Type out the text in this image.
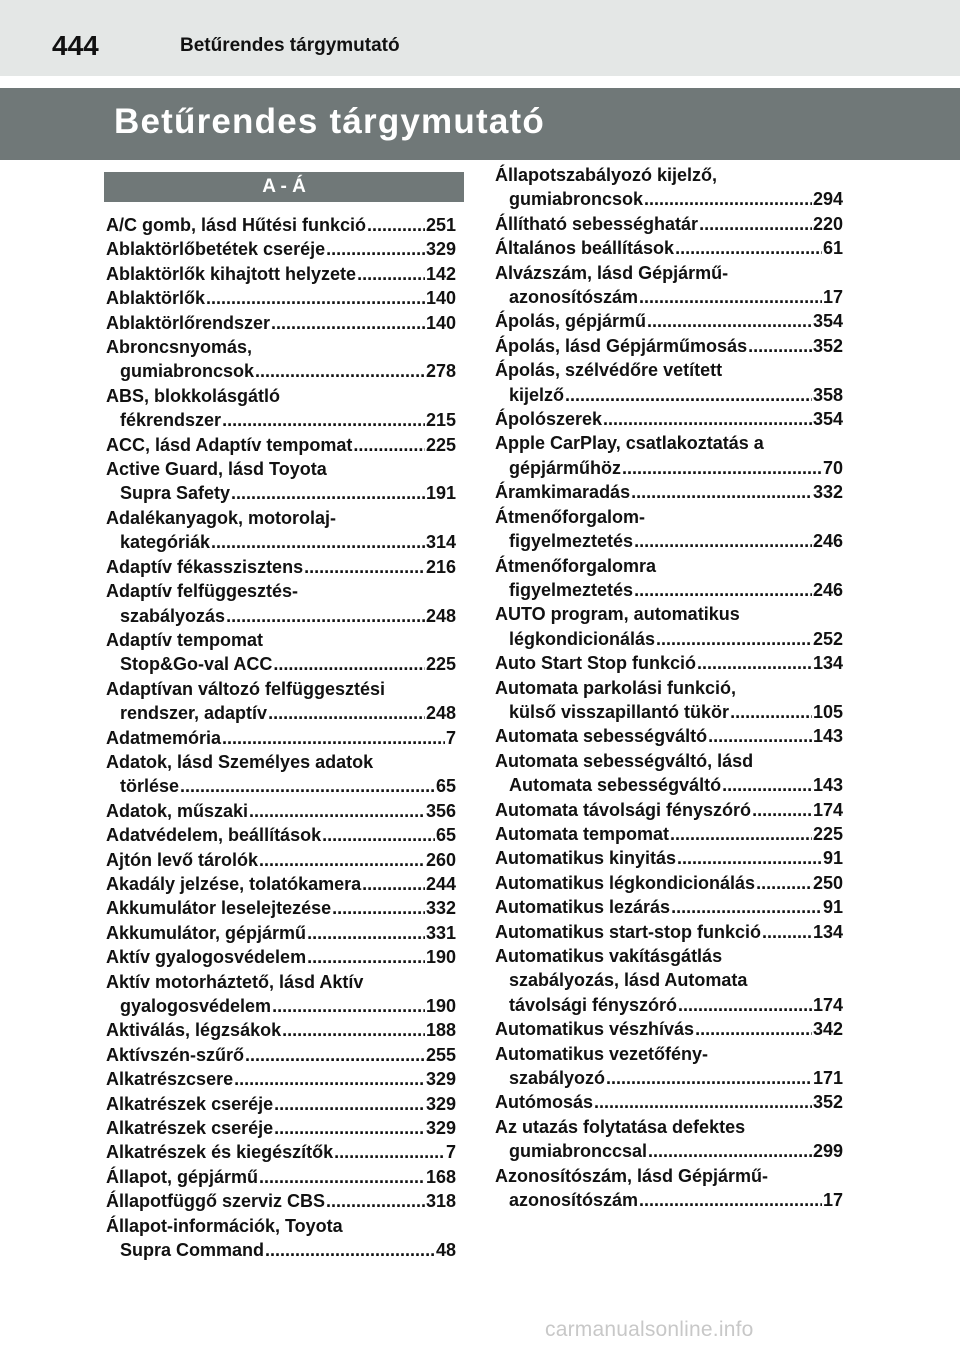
444	Betűrendes tárgymutató
Betűrendes tárgymutató
A - Á
A/C gomb, lásd Hűtési funkció .....	251
Ablaktörlőbetétek cseréje .....	329
Ablaktörlők kihajtott helyzete .....	142
Ablaktörlők .....	140
Ablaktörlőrendszer .....	140
Abroncsnyomás,
gumiabroncsok .....	278
ABS, blokkolásgátló
fékrendszer .....	215
ACC, lásd Adaptív tempomat .....	225
Active Guard, lásd Toyota
Supra Safety .....	191
Adalékanyagok, motorolaj-
kategóriák .....	314
Adaptív fékasszisztens .....	216
Adaptív felfüggesztés-
szabályozás .....	248
Adaptív tempomat
Stop&Go-val ACC .....	225
Adaptívan változó felfüggesztési
rendszer, adaptív .....	248
Adatmemória .....	7
Adatok, lásd Személyes adatok
törlése .....	65
Adatok, műszaki .....	356
Adatvédelem, beállítások .....	65
Ajtón levő tárolók .....	260
Akadály jelzése, tolatókamera .....	244
Akkumulátor leselejtezése .....	332
Akkumulátor, gépjármű .....	331
Aktív gyalogosvédelem .....	190
Aktív motorháztető, lásd Aktív
gyalogosvédelem .....	190
Aktiválás, légzsákok .....	188
Aktívszén-szűrő .....	255
Alkatrészcsere .....	329
Alkatrészek cseréje .....	329
Alkatrészek cseréje .....	329
Alkatrészek és kiegészítők .....	7
Állapot, gépjármű .....	168
Állapotfüggő szerviz CBS .....	318
Állapot-információk, Toyota
Supra Command .....	48
Állapotszabályozó kijelző,
gumiabroncsok .....	294
Állítható sebességhatár .....	220
Általános beállítások .....	61
Alvázszám, lásd Gépjármű-
azonosítószám .....	17
Ápolás, gépjármű .....	354
Ápolás, lásd Gépjárműmosás .....	352
Ápolás, szélvédőre vetített
kijelző .....	358
Ápolószerek .....	354
Apple CarPlay, csatlakoztatás a
gépjárműhöz .....	70
Áramkimaradás .....	332
Átmenőforgalom-
figyelmeztetés .....	246
Átmenőforgalomra
figyelmeztetés .....	246
AUTO program, automatikus
légkondicionálás .....	252
Auto Start Stop funkció .....	134
Automata parkolási funkció,
külső visszapillantó tükör .....	105
Automata sebességváltó .....	143
Automata sebességváltó, lásd
Automata sebességváltó .....	143
Automata távolsági fényszóró .....	174
Automata tempomat .....	225
Automatikus kinyitás .....	91
Automatikus légkondicionálás .....	250
Automatikus lezárás .....	91
Automatikus start-stop funkció .....	134
Automatikus vakításgátlás
szabályozás, lásd Automata
távolsági fényszóró .....	174
Automatikus vészhívás .....	342
Automatikus vezetőfény-
szabályozó .....	171
Autómosás .....	352
Az utazás folytatása defektes
gumiabronccsal .....	299
Azonosítószám, lásd Gépjármű-
azonosítószám .....	17
carmanualsonline.info
